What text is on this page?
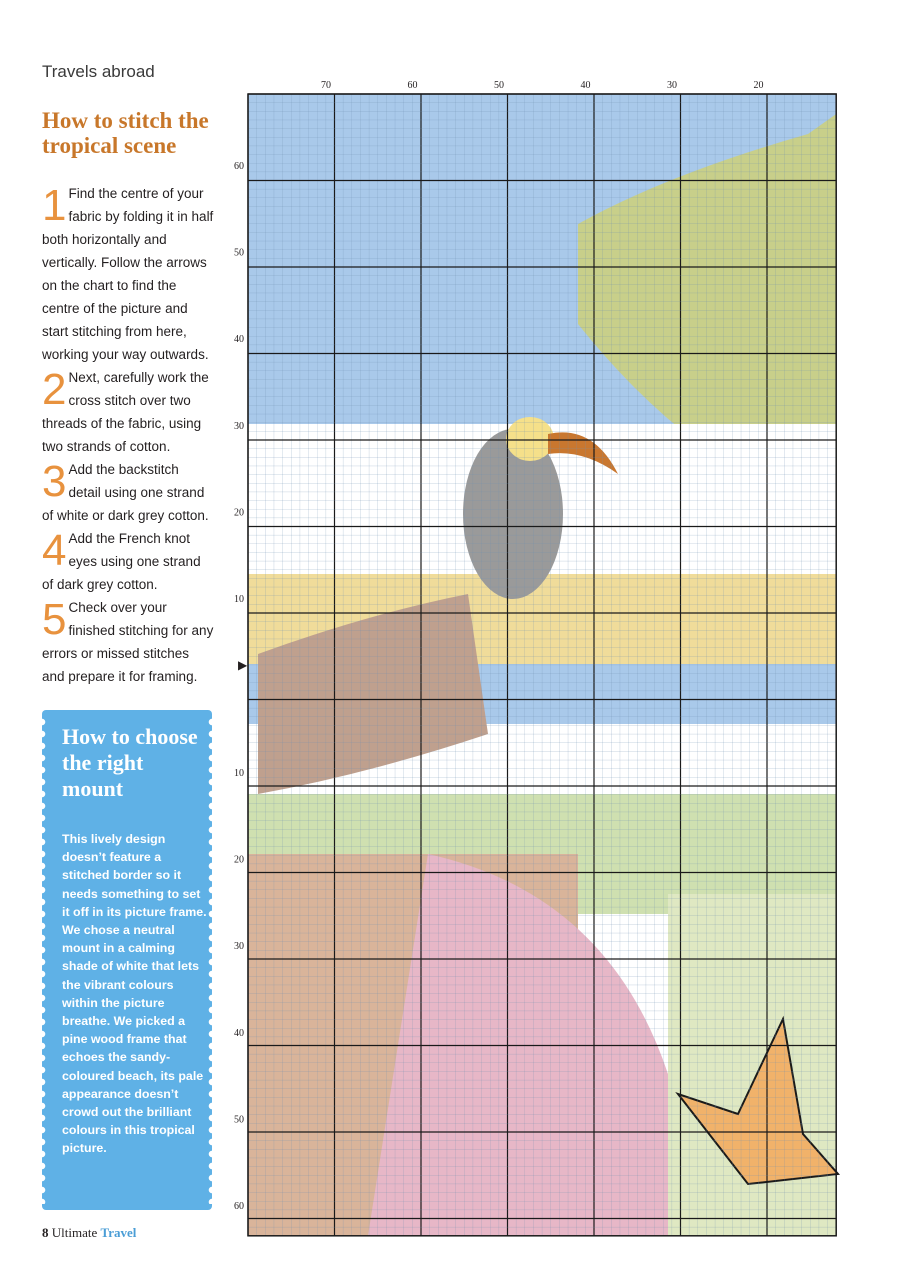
Travels abroad
How to stitch the tropical scene

1 Find the centre of your fabric by folding it in half both horizontally and vertically. Follow the arrows on the chart to find the centre of the picture and start stitching from here, working your way outwards.

2 Next, carefully work the cross stitch over two threads of the fabric, using two strands of cotton.

3 Add the backstitch detail using one strand of white or dark grey cotton.

4 Add the French knot eyes using one strand of dark grey cotton.

5 Check over your finished stitching for any errors or missed stitches and prepare it for framing.

How to choose the right mount

This lively design doesn’t feature a stitched border so it needs something to set it off in its picture frame. We chose a neutral mount in a calming shade of white that lets the vibrant colours within the picture breathe. We picked a pine wood frame that echoes the sandy-coloured beach, its pale appearance doesn’t crowd out the brilliant colours in this tropical picture.

▶
70	60	50	40	30	20
60
50
40
30
20
10
10
20
30
40
50
60
8 Ultimate Travel
